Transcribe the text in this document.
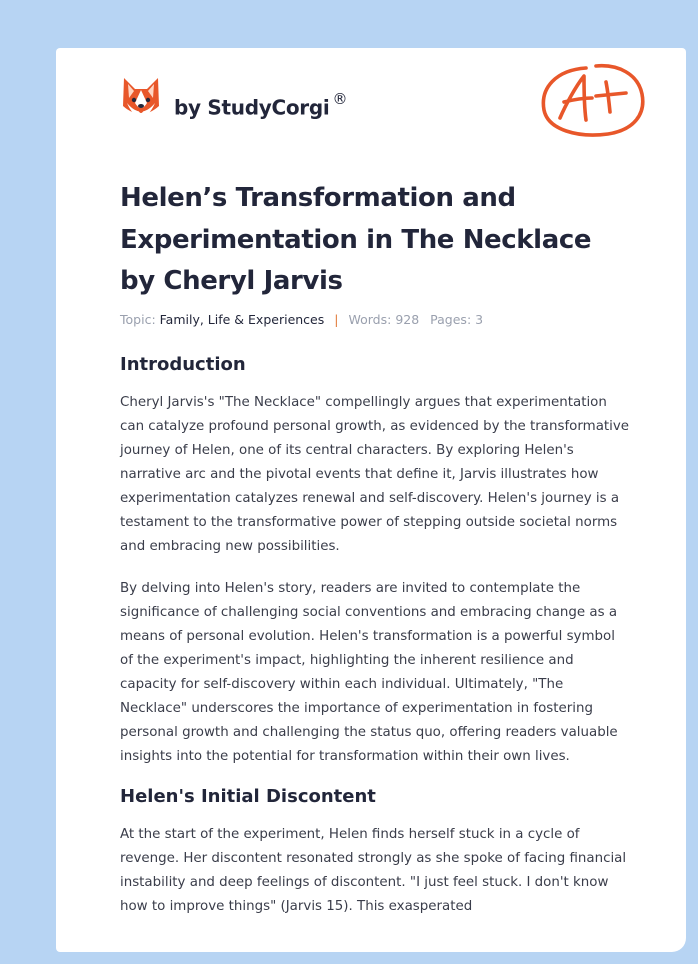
by StudyCorgi ®
Helen’s Transformation and Experimentation in The Necklace by Cheryl Jarvis
Topic: Family, Life & Experiences | Words: 928 Pages: 3
Introduction

Cheryl Jarvis's "The Necklace" compellingly argues that experimentation can catalyze profound personal growth, as evidenced by the transformative journey of Helen, one of its central characters. By exploring Helen's narrative arc and the pivotal events that define it, Jarvis illustrates how experimentation catalyzes renewal and self-discovery. Helen's journey is a testament to the transformative power of stepping outside societal norms and embracing new possibilities.

By delving into Helen's story, readers are invited to contemplate the significance of challenging social conventions and embracing change as a means of personal evolution. Helen's transformation is a powerful symbol of the experiment's impact, highlighting the inherent resilience and capacity for self-discovery within each individual. Ultimately, "The Necklace" underscores the importance of experimentation in fostering personal growth and challenging the status quo, offering readers valuable insights into the potential for transformation within their own lives.

Helen's Initial Discontent

At the start of the experiment, Helen finds herself stuck in a cycle of revenge. Her discontent resonated strongly as she spoke of facing financial instability and deep feelings of discontent. "I just feel stuck. I don't know how to improve things" (Jarvis 15). This exasperated
